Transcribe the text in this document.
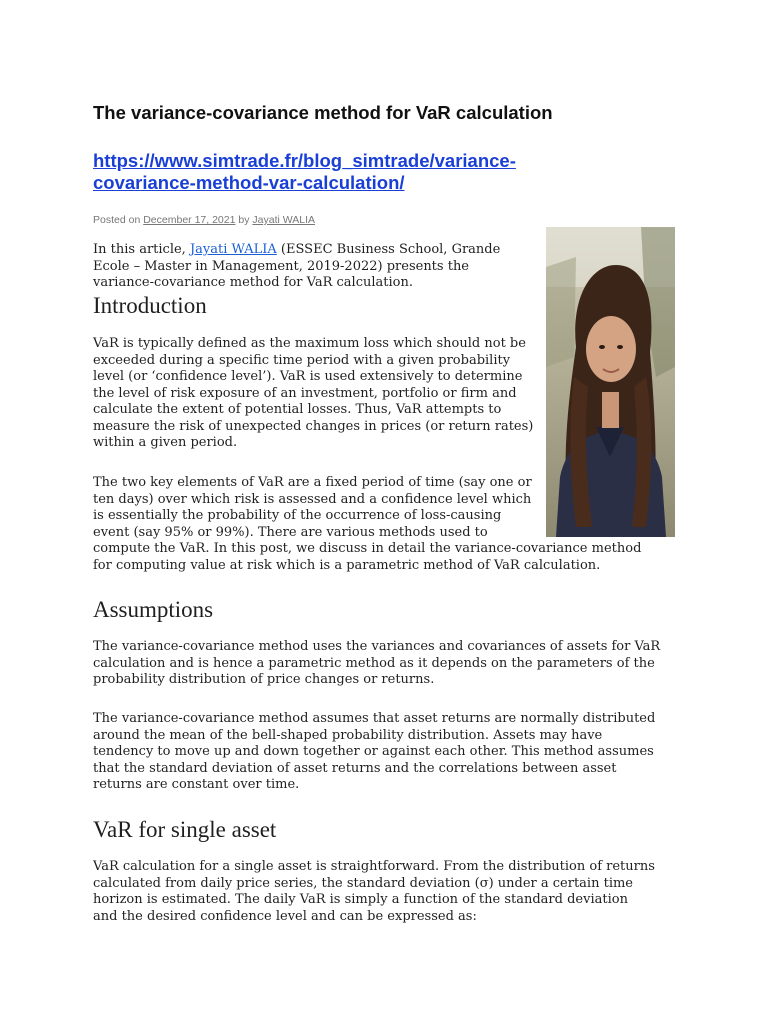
The variance-covariance method for VaR calculation
https://www.simtrade.fr/blog_simtrade/variance-
covariance-method-var-calculation/
Posted on December 17, 2021 by Jayati WALIA
In this article, Jayati WALIA (ESSEC Business School, Grande
Ecole – Master in Management, 2019-2022) presents the
variance-covariance method for VaR calculation.
Introduction

VaR is typically defined as the maximum loss which should not be
exceeded during a specific time period with a given probability
level (or ‘confidence level’). VaR is used extensively to determine
the level of risk exposure of an investment, portfolio or firm and
calculate the extent of potential losses. Thus, VaR attempts to
measure the risk of unexpected changes in prices (or return rates)
within a given period.

The two key elements of VaR are a fixed period of time (say one or
ten days) over which risk is assessed and a confidence level which
is essentially the probability of the occurrence of loss-causing
event (say 95% or 99%). There are various methods used to
compute the VaR. In this post, we discuss in detail the variance-covariance method
for computing value at risk which is a parametric method of VaR calculation.

Assumptions

The variance-covariance method uses the variances and covariances of assets for VaR
calculation and is hence a parametric method as it depends on the parameters of the
probability distribution of price changes or returns.

The variance-covariance method assumes that asset returns are normally distributed
around the mean of the bell-shaped probability distribution. Assets may have
tendency to move up and down together or against each other. This method assumes
that the standard deviation of asset returns and the correlations between asset
returns are constant over time.

VaR for single asset

VaR calculation for a single asset is straightforward. From the distribution of returns
calculated from daily price series, the standard deviation (σ) under a certain time
horizon is estimated. The daily VaR is simply a function of the standard deviation
and the desired confidence level and can be expressed as:
